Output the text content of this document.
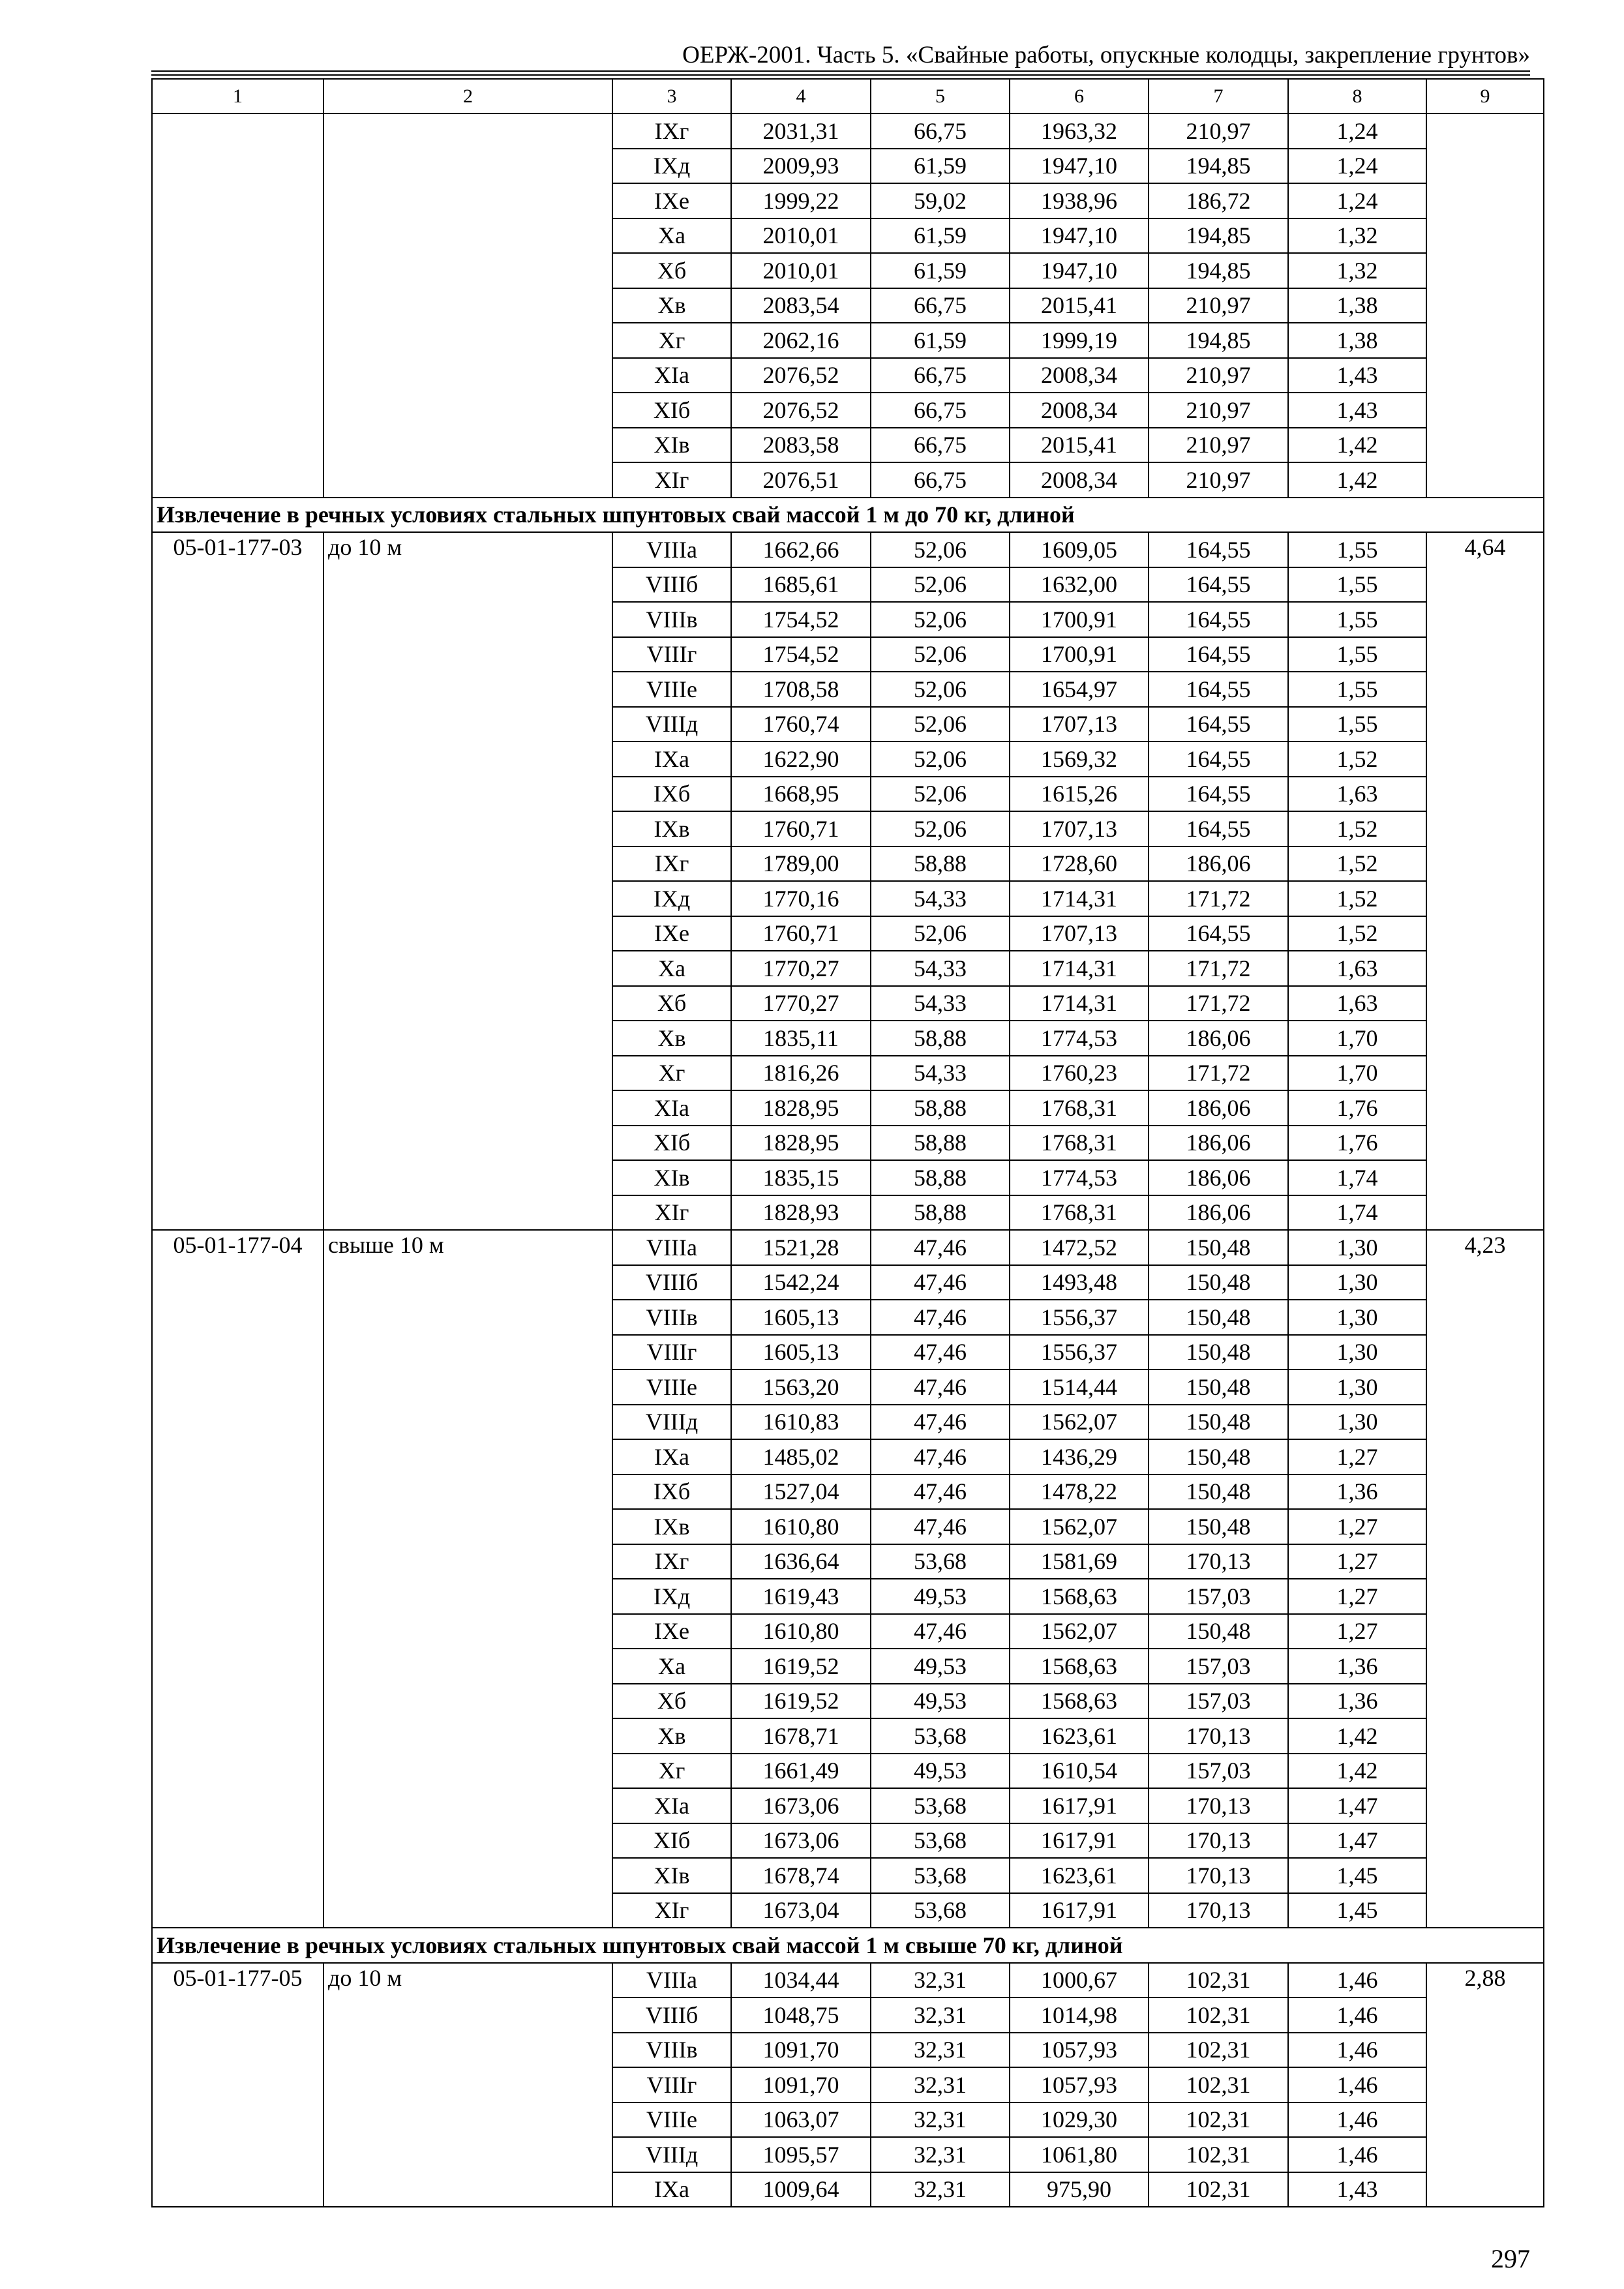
ОЕРЖ-2001. Часть 5. «Свайные работы, опускные колодцы, закрепление грунтов»
1	2	3	4	5	6	7	8	9
		IXг	2031,31	66,75	1963,32	210,97	1,24	
		IXд	2009,93	61,59	1947,10	194,85	1,24	
		IXе	1999,22	59,02	1938,96	186,72	1,24	
		Xа	2010,01	61,59	1947,10	194,85	1,32	
		Xб	2010,01	61,59	1947,10	194,85	1,32	
		Xв	2083,54	66,75	2015,41	210,97	1,38	
		Xг	2062,16	61,59	1999,19	194,85	1,38	
		XIа	2076,52	66,75	2008,34	210,97	1,43	
		XIб	2076,52	66,75	2008,34	210,97	1,43	
		XIв	2083,58	66,75	2015,41	210,97	1,42	
		XIг	2076,51	66,75	2008,34	210,97	1,42	
Извлечение в речных условиях стальных шпунтовых свай массой 1 м до 70 кг, длиной								
05-01-177-03	до 10 м	VIIIа	1662,66	52,06	1609,05	164,55	1,55	4,64
		VIIIб	1685,61	52,06	1632,00	164,55	1,55	
		VIIIв	1754,52	52,06	1700,91	164,55	1,55	
		VIIIг	1754,52	52,06	1700,91	164,55	1,55	
		VIIIе	1708,58	52,06	1654,97	164,55	1,55	
		VIIIд	1760,74	52,06	1707,13	164,55	1,55	
		IXа	1622,90	52,06	1569,32	164,55	1,52	
		IXб	1668,95	52,06	1615,26	164,55	1,63	
		IXв	1760,71	52,06	1707,13	164,55	1,52	
		IXг	1789,00	58,88	1728,60	186,06	1,52	
		IXд	1770,16	54,33	1714,31	171,72	1,52	
		IXе	1760,71	52,06	1707,13	164,55	1,52	
		Xа	1770,27	54,33	1714,31	171,72	1,63	
		Xб	1770,27	54,33	1714,31	171,72	1,63	
		Xв	1835,11	58,88	1774,53	186,06	1,70	
		Xг	1816,26	54,33	1760,23	171,72	1,70	
		XIа	1828,95	58,88	1768,31	186,06	1,76	
		XIб	1828,95	58,88	1768,31	186,06	1,76	
		XIв	1835,15	58,88	1774,53	186,06	1,74	
		XIг	1828,93	58,88	1768,31	186,06	1,74	
05-01-177-04	свыше 10 м	VIIIа	1521,28	47,46	1472,52	150,48	1,30	4,23
		VIIIб	1542,24	47,46	1493,48	150,48	1,30	
		VIIIв	1605,13	47,46	1556,37	150,48	1,30	
		VIIIг	1605,13	47,46	1556,37	150,48	1,30	
		VIIIе	1563,20	47,46	1514,44	150,48	1,30	
		VIIIд	1610,83	47,46	1562,07	150,48	1,30	
		IXа	1485,02	47,46	1436,29	150,48	1,27	
		IXб	1527,04	47,46	1478,22	150,48	1,36	
		IXв	1610,80	47,46	1562,07	150,48	1,27	
		IXг	1636,64	53,68	1581,69	170,13	1,27	
		IXд	1619,43	49,53	1568,63	157,03	1,27	
		IXе	1610,80	47,46	1562,07	150,48	1,27	
		Xа	1619,52	49,53	1568,63	157,03	1,36	
		Xб	1619,52	49,53	1568,63	157,03	1,36	
		Xв	1678,71	53,68	1623,61	170,13	1,42	
		Xг	1661,49	49,53	1610,54	157,03	1,42	
		XIа	1673,06	53,68	1617,91	170,13	1,47	
		XIб	1673,06	53,68	1617,91	170,13	1,47	
		XIв	1678,74	53,68	1623,61	170,13	1,45	
		XIг	1673,04	53,68	1617,91	170,13	1,45	
Извлечение в речных условиях стальных шпунтовых свай массой 1 м свыше 70 кг, длиной								
05-01-177-05	до 10 м	VIIIа	1034,44	32,31	1000,67	102,31	1,46	2,88
		VIIIб	1048,75	32,31	1014,98	102,31	1,46	
		VIIIв	1091,70	32,31	1057,93	102,31	1,46	
		VIIIг	1091,70	32,31	1057,93	102,31	1,46	
		VIIIе	1063,07	32,31	1029,30	102,31	1,46	
		VIIIд	1095,57	32,31	1061,80	102,31	1,46	
		IXа	1009,64	32,31	975,90	102,31	1,43	
297
